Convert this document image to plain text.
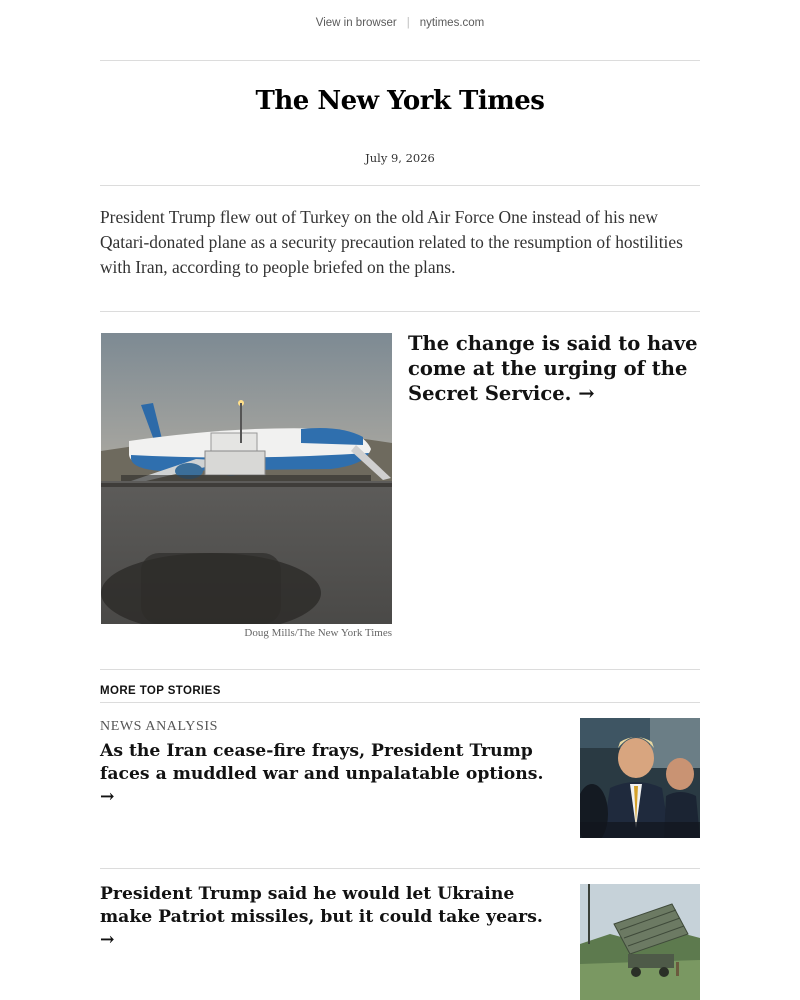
View in browser | nytimes.com
The New York Times
July 9, 2026
President Trump flew out of Turkey on the old Air Force One instead of his new Qatari-donated plane as a security precaution related to the resumption of hostilities with Iran, according to people briefed on the plans.
Doug Mills/The New York Times
The change is said to have come at the urging of the Secret Service. →
MORE TOP STORIES
NEWS ANALYSIS
As the Iran cease-fire frays, President Trump faces a muddled war and unpalatable options. →
President Trump said he would let Ukraine make Patriot missiles, but it could take years. →
